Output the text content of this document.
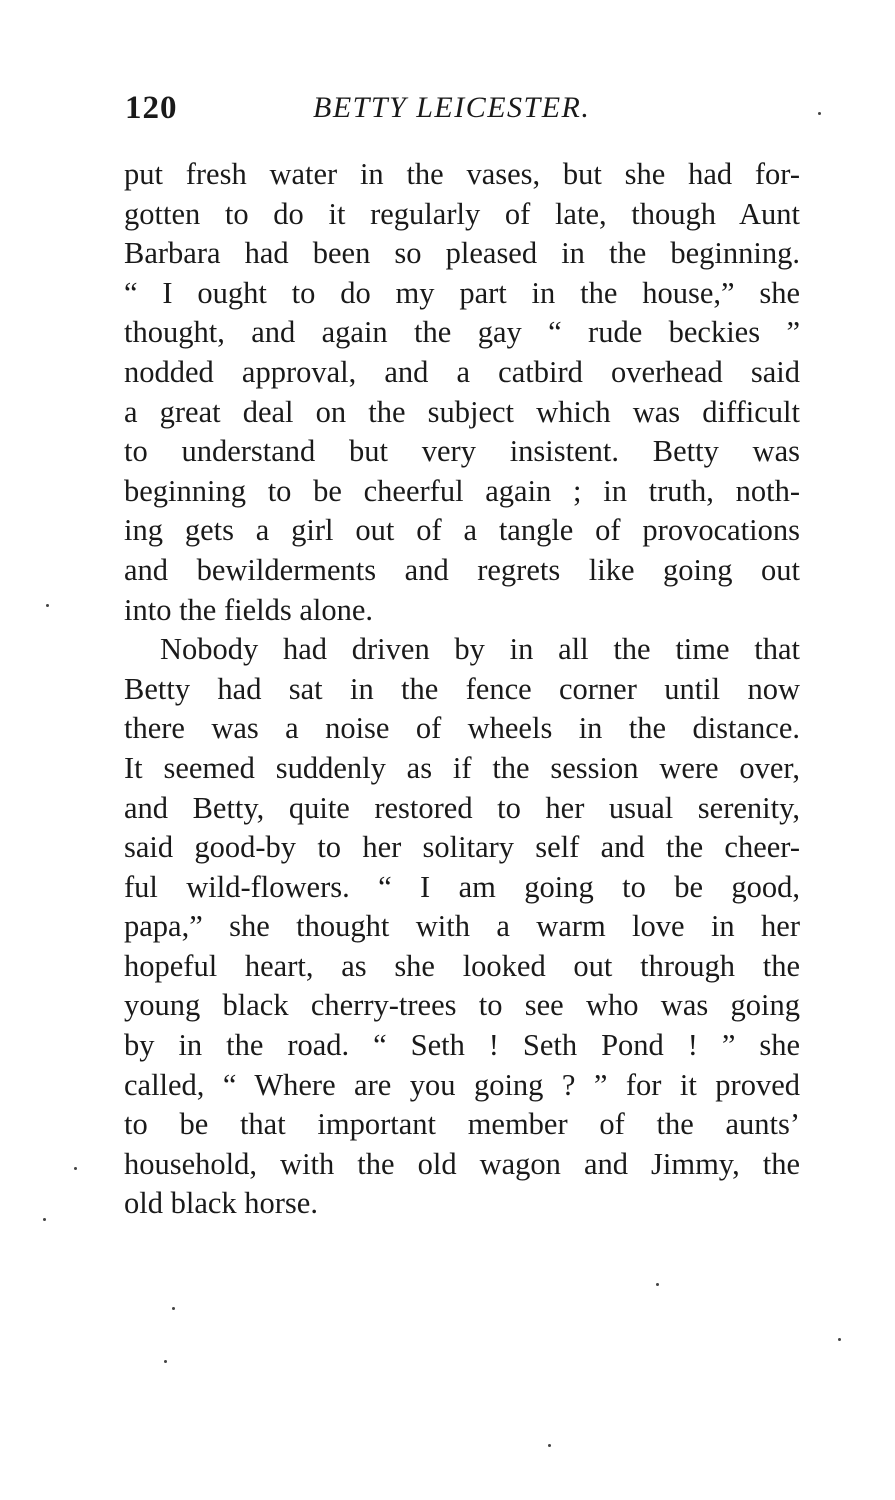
120	BETTY LEICESTER.
put fresh water in the vases, but she had for-
gotten to do it regularly of late, though Aunt
Barbara had been so pleased in the beginning.
“ I ought to do my part in the house,” she
thought, and again the gay “ rude beckies ”
nodded approval, and a catbird overhead said
a great deal on the subject which was difficult
to understand but very insistent. Betty was
beginning to be cheerful again ; in truth, noth-
ing gets a girl out of a tangle of provocations
and bewilderments and regrets like going out
into the fields alone.
Nobody had driven by in all the time that
Betty had sat in the fence corner until now
there was a noise of wheels in the distance.
It seemed suddenly as if the session were over,
and Betty, quite restored to her usual serenity,
said good-by to her solitary self and the cheer-
ful wild-flowers. “ I am going to be good,
papa,” she thought with a warm love in her
hopeful heart, as she looked out through the
young black cherry-trees to see who was going
by in the road. “ Seth ! Seth Pond ! ” she
called, “ Where are you going ? ” for it proved
to be that important member of the aunts’
household, with the old wagon and Jimmy, the
old black horse.
